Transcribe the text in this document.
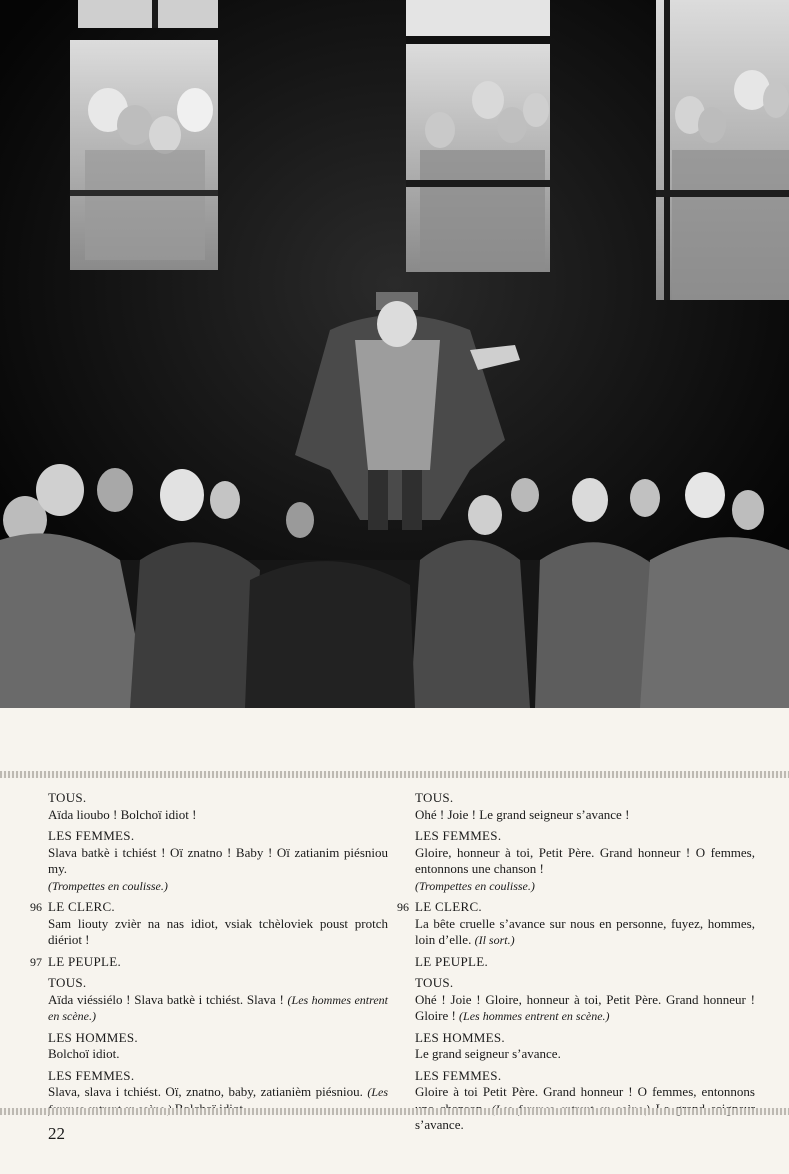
TOUS.
Aïda lioubo ! Bolchoï idiot !
LES FEMMES.
Slava batkè i tchiést ! Oï znatno ! Baby ! Oï zatianim piésniou my.
(Trompettes en coulisse.)
96 LE CLERC.
Sam liouty zvièr na nas idiot, vsiak tchèloviek poust protch diériot !
97 LE PEUPLE.
TOUS.
Aïda viéssiélo ! Slava batkè i tchiést. Slava ! (Les hommes entrent en scène.)
LES HOMMES.
Bolchoï idiot.
LES FEMMES.
Slava, slava i tchiést. Oï, znatno, baby, zatianièm piésniou. (Les
TOUS.
Ohé ! Joie ! Le grand seigneur s’avance !
LES FEMMES.
Gloire, honneur à toi, Petit Père. Grand honneur ! O femmes, entonnons une chanson !
(Trompettes en coulisse.)
96 LE CLERC.
La bête cruelle s’avance sur nous en personne, fuyez, hommes, loin d’elle. (Il sort.)
LE PEUPLE.
TOUS.
Ohé ! Joie ! Gloire, honneur à toi, Petit Père. Grand honneur ! Gloire ! (Les hommes entrent en scène.)
LES HOMMES.
Le grand seigneur s’avance.
LES FEMMES.
Gloire à toi Petit Père. Grand honneur ! O femmes, entonnons s’avance.
22
